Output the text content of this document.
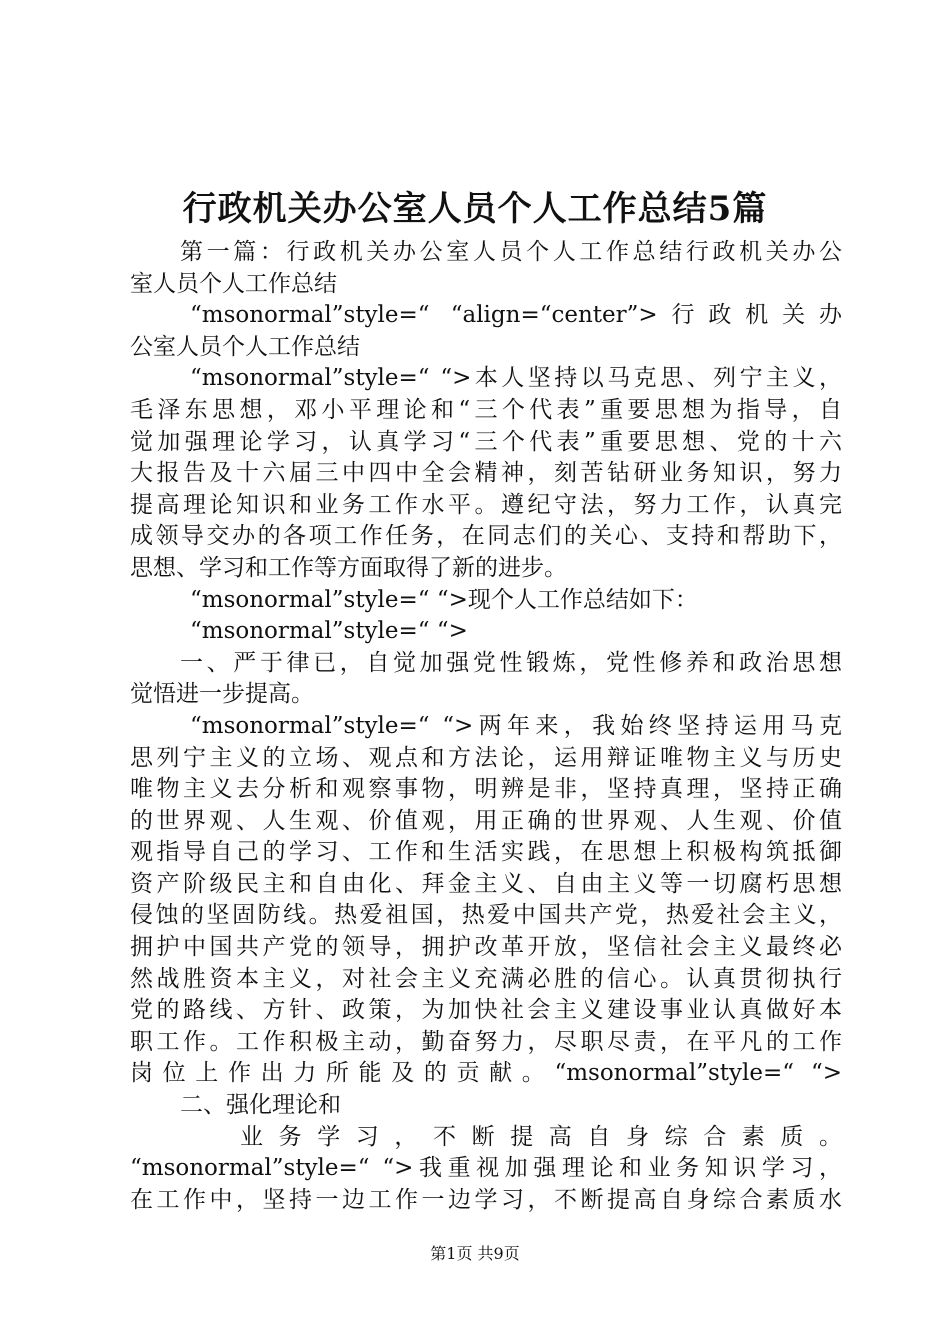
行政机关办公室人员个人工作总结5篇
第一篇：行政机关办公室人员个人工作总结行政机关办公
室人员个人工作总结
“msonormal”style=“ “align=“center”>行政机关办
公室人员个人工作总结
“msonormal”style=“ “>本人坚持以马克思、列宁主义，
毛泽东思想，邓小平理论和“三个代表”重要思想为指导，自
觉加强理论学习，认真学习“三个代表”重要思想、党的十六
大报告及十六届三中四中全会精神，刻苦钻研业务知识，努力
提高理论知识和业务工作水平。遵纪守法，努力工作，认真完
成领导交办的各项工作任务，在同志们的关心、支持和帮助下，
思想、学习和工作等方面取得了新的进步。
“msonormal”style=“ “>现个人工作总结如下：
“msonormal”style=“ “>
一、严于律已，自觉加强党性锻炼，党性修养和政治思想
觉悟进一步提高。
“msonormal”style=“ “>两年来，我始终坚持运用马克
思列宁主义的立场、观点和方法论，运用辩证唯物主义与历史
唯物主义去分析和观察事物，明辨是非，坚持真理，坚持正确
的世界观、人生观、价值观，用正确的世界观、人生观、价值
观指导自己的学习、工作和生活实践，在思想上积极构筑抵御
资产阶级民主和自由化、拜金主义、自由主义等一切腐朽思想
侵蚀的坚固防线。热爱祖国，热爱中国共产党，热爱社会主义，
拥护中国共产党的领导，拥护改革开放，坚信社会主义最终必
然战胜资本主义，对社会主义充满必胜的信心。认真贯彻执行
党的路线、方针、政策，为加快社会主义建设事业认真做好本
职工作。工作积极主动，勤奋努力，尽职尽责，在平凡的工作
岗位上作出力所能及的贡献。“msonormal”style=“ “>
二、强化理论和
业务学习，不断提高自身综合素质。
“msonormal”style=“ “>我重视加强理论和业务知识学习，
在工作中，坚持一边工作一边学习，不断提高自身综合素质水
第1页 共9页
